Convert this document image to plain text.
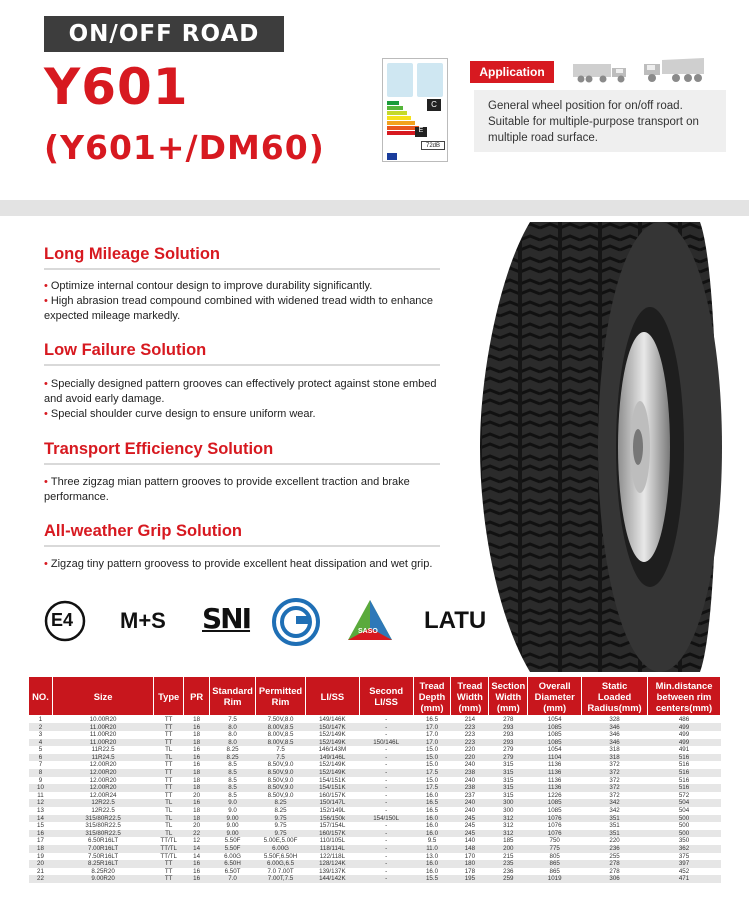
ON/OFF ROAD
Y601
(Y601+/DM60)
C
E
72dB
Application
General wheel position for on/off road. Suitable for multiple-purpose transport on multiple road surface.
Long Mileage Solution
• Optimize internal contour design to improve durability significantly.
• High abrasion tread compound combined with widened tread width to enhance expected mileage markedly.
Low Failure Solution
• Specially designed pattern grooves can effectively protect against stone embed and avoid early damage.
• Special shoulder curve design to ensure uniform wear.
Transport Efficiency Solution
• Three zigzag mian pattern grooves to provide excellent traction and brake performance.
All-weather Grip Solution
• Zigzag tiny pattern groovess to provide excellent heat dissipation and wet grip.
E4 M+S SNI	SASO LATU
NO.	Size	Type	PR	Standard Rim	Permitted Rim	LI/SS	Second LI/SS	Tread Depth (mm)	Tread Width (mm)	Section Width (mm)	Overall Diameter (mm)	Static Loaded Radius(mm)	Min.distance between rim centers(mm)
1	10.00R20	TT	18	7.5	7.50V,8.0	149/146K	-	16.5	214	278	1054	328	486
2	11.00R20	TT	16	8.0	8.00V,8.5	150/147K	-	17.0	223	293	1085	346	499
3	11.00R20	TT	18	8.0	8.00V,8.5	152/149K	-	17.0	223	293	1085	346	499
4	11.00R20	TT	18	8.0	8.00V,8.5	152/149K	150/146L	17.0	223	293	1085	346	499
5	11R22.5	TL	16	8.25	7.5	146/143M	-	15.0	220	279	1054	318	491
6	11R24.5	TL	16	8.25	7.5	149/146L	-	15.0	220	279	1104	318	516
7	12.00R20	TT	16	8.5	8.50V,9.0	152/149K	-	15.0	240	315	1136	372	516
8	12.00R20	TT	18	8.5	8.50V,9.0	152/149K	-	17.5	238	315	1136	372	516
9	12.00R20	TT	18	8.5	8.50V,9.0	154/151K	-	15.0	240	315	1136	372	516
10	12.00R20	TT	18	8.5	8.50V,9.0	154/151K	-	17.5	238	315	1136	372	516
11	12.00R24	TT	20	8.5	8.50V,9.0	160/157K	-	16.0	237	315	1226	372	572
12	12R22.5	TL	16	9.0	8.25	150/147L	-	16.5	240	300	1085	342	504
13	12R22.5	TL	18	9.0	8.25	152/149L	-	16.5	240	300	1085	342	504
14	315/80R22.5	TL	18	9.00	9.75	156/150k	154/150L	16.0	245	312	1076	351	500
15	315/80R22.5	TL	20	9.00	9.75	157/154L	-	16.0	245	312	1076	351	500
16	315/80R22.5	TL	22	9.00	9.75	160/157K	-	16.0	245	312	1076	351	500
17	6.50R16LT	TT/TL	12	5.50F	5.00E,5.00F	110/105L	-	9.5	140	185	750	220	350
18	7.00R16LT	TT/TL	14	5.50F	6.00G	118/114L	-	11.0	148	200	775	236	362
19	7.50R16LT	TT/TL	14	6.00G	5.50F,6.50H	122/118L	-	13.0	170	215	805	255	375
20	8.25R16LT	TT	16	6.50H	6.00G,6.5	128/124K	-	16.0	180	235	865	278	397
21	8.25R20	TT	16	6.50T	7.0 7.00T	139/137K	-	16.0	178	236	865	278	452
22	9.00R20	TT	16	7.0	7.00T,7.5	144/142K	-	15.5	195	259	1019	306	471
